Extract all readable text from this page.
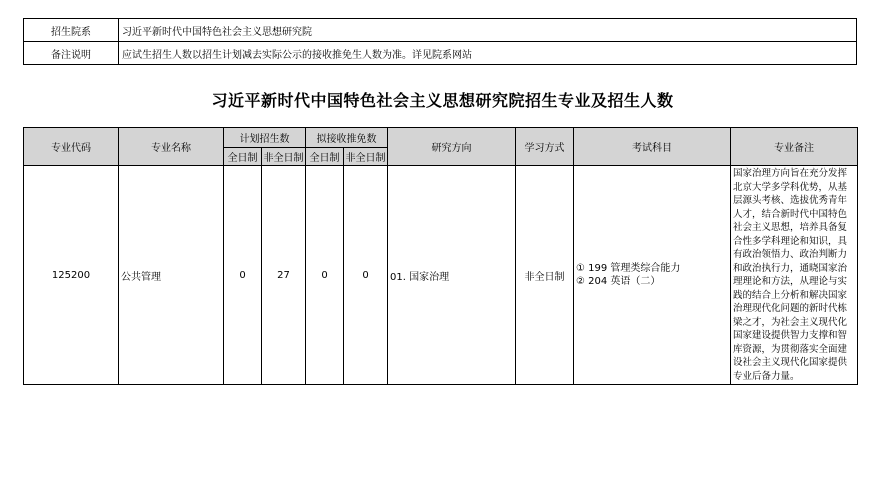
招生院系	习近平新时代中国特色社会主义思想研究院
备注说明	应试生招生人数以招生计划减去实际公示的接收推免生人数为准。详见院系网站
习近平新时代中国特色社会主义思想研究院招生专业及招生人数
专业代码	专业名称	计划招生数		拟接收推免数		研究方向	学习方式	考试科目	专业备注
		全日制	非全日制	全日制	非全日制				
125200	公共管理	0	27	0	0	01. 国家治理	非全日制	① 199 管理类综合能力
② 204 英语（二）	国家治理方向旨在充分发挥北京大学多学科优势，从基层源头考核、选拔优秀青年人才，结合新时代中国特色社会主义思想，培养具备复合性多学科理论和知识，具有政治领悟力、政治判断力和政治执行力，通晓国家治理理论和方法，从理论与实践的结合上分析和解决国家治理现代化问题的新时代栋梁之才，为社会主义现代化国家建设提供智力支撑和智库资源，为贯彻落实全面建设社会主义现代化国家提供专业后备力量。
